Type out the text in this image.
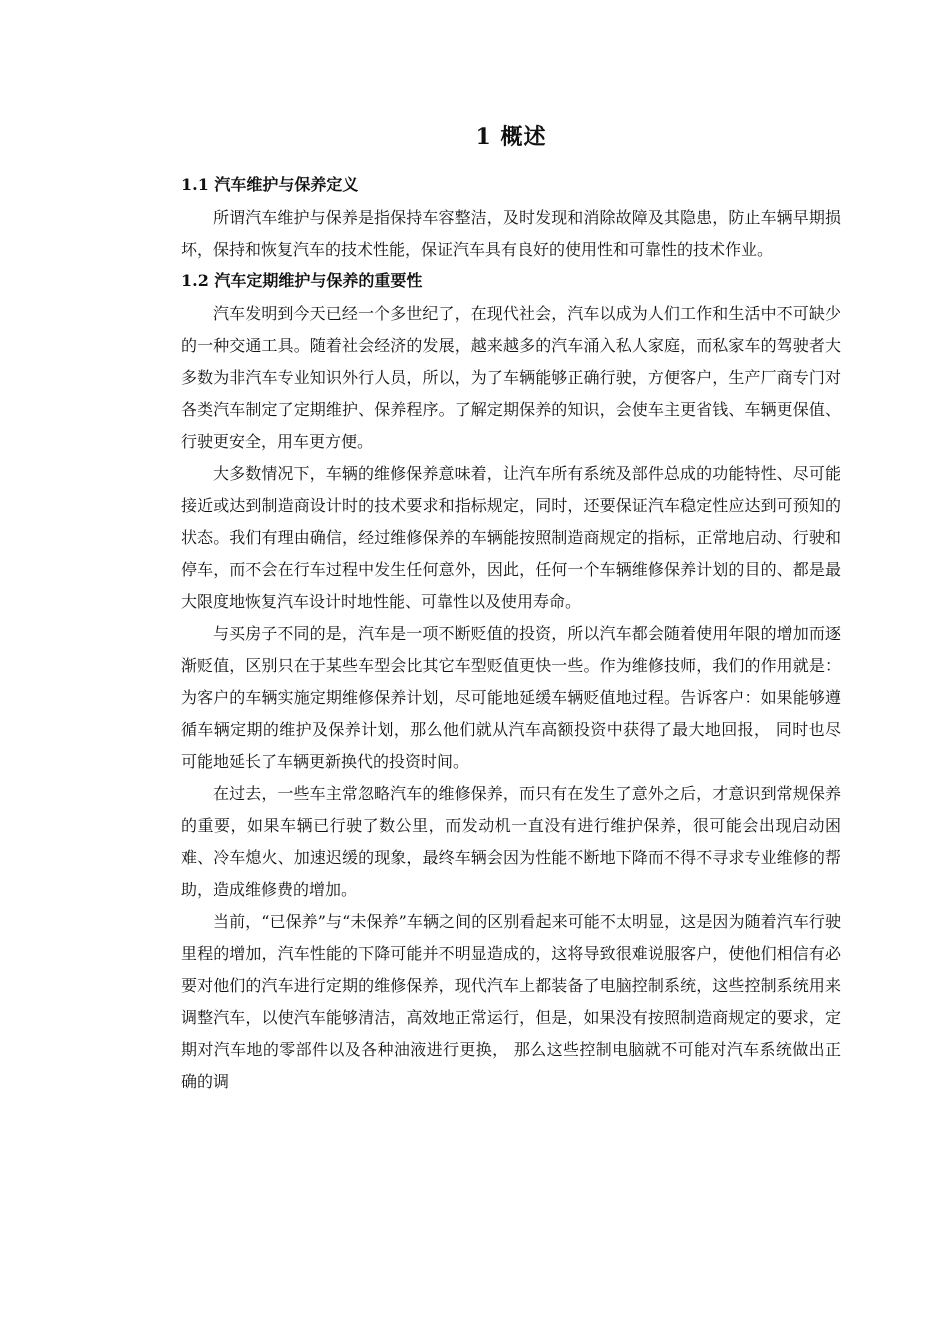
1 概述
1.1 汽车维护与保养定义

所谓汽车维护与保养是指保持车容整洁，及时发现和消除故障及其隐患，防止车辆早期损坏，保持和恢复汽车的技术性能，保证汽车具有良好的使用性和可靠性的技术作业。

1.2 汽车定期维护与保养的重要性

汽车发明到今天已经一个多世纪了，在现代社会，汽车以成为人们工作和生活中不可缺少的一种交通工具。随着社会经济的发展，越来越多的汽车涌入私人家庭，而私家车的驾驶者大多数为非汽车专业知识外行人员，所以，为了车辆能够正确行驶，方便客户，生产厂商专门对各类汽车制定了定期维护、保养程序。了解定期保养的知识，会使车主更省钱、车辆更保值、行驶更安全，用车更方便。

大多数情况下，车辆的维修保养意味着，让汽车所有系统及部件总成的功能特性、尽可能接近或达到制造商设计时的技术要求和指标规定，同时，还要保证汽车稳定性应达到可预知的状态。我们有理由确信，经过维修保养的车辆能按照制造商规定的指标，正常地启动、行驶和停车，而不会在行车过程中发生任何意外，因此，任何一个车辆维修保养计划的目的、都是最大限度地恢复汽车设计时地性能、可靠性以及使用寿命。

与买房子不同的是，汽车是一项不断贬值的投资，所以汽车都会随着使用年限的增加而逐渐贬值，区别只在于某些车型会比其它车型贬值更快一些。作为维修技师，我们的作用就是：为客户的车辆实施定期维修保养计划，尽可能地延缓车辆贬值地过程。告诉客户：如果能够遵循车辆定期的维护及保养计划，那么他们就从汽车高额投资中获得了最大地回报， 同时也尽可能地延长了车辆更新换代的投资时间。

在过去，一些车主常忽略汽车的维修保养，而只有在发生了意外之后，才意识到常规保养的重要，如果车辆已行驶了数公里，而发动机一直没有进行维护保养，很可能会出现启动困难、冷车熄火、加速迟缓的现象，最终车辆会因为性能不断地下降而不得不寻求专业维修的帮助，造成维修费的增加。

当前，“已保养”与“未保养”车辆之间的区别看起来可能不太明显，这是因为随着汽车行驶里程的增加，汽车性能的下降可能并不明显造成的，这将导致很难说服客户，使他们相信有必要对他们的汽车进行定期的维修保养，现代汽车上都装备了电脑控制系统，这些控制系统用来调整汽车，以使汽车能够清洁，高效地正常运行，但是，如果没有按照制造商规定的要求，定期对汽车地的零部件以及各种油液进行更换， 那么这些控制电脑就不可能对汽车系统做出正确的调
